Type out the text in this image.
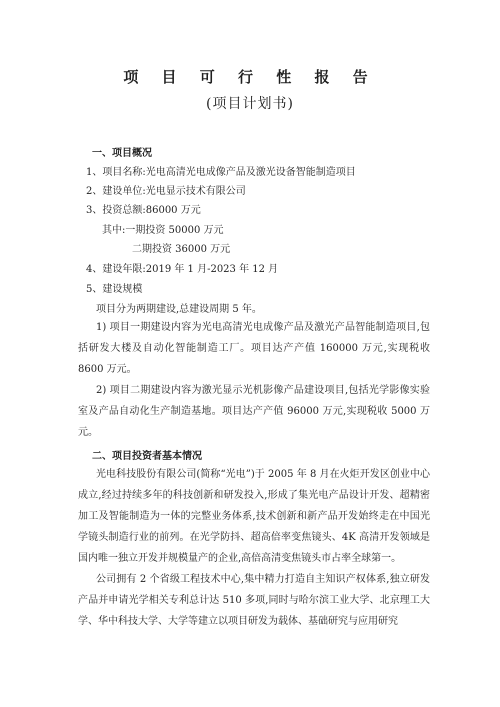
项 目 可 行 性 报 告
(项目计划书)
一、项目概况
1、项目名称:光电高清光电成像产品及激光设备智能制造项目
2、建设单位:光电显示技术有限公司
3、投资总额:86000 万元
其中:一期投资 50000 万元
二期投资 36000 万元
4、建设年限:2019 年 1 月-2023 年 12 月
5、建设规模
项目分为两期建设,总建设周期 5 年。
1) 项目一期建设内容为光电高清光电成像产品及激光产品智能制造项目,包括研发大楼及自动化智能制造工厂。项目达产产值 160000 万元,实现税收 8600 万元。
2) 项目二期建设内容为激光显示光机影像产品建设项目,包括光学影像实验室及产品自动化生产制造基地。项目达产产值 96000 万元,实现税收 5000 万元。
二、项目投资者基本情况
光电科技股份有限公司(简称“光电”)于 2005 年 8 月在火炬开发区创业中心成立,经过持续多年的科技创新和研发投入,形成了集光电产品设计开发、超精密加工及智能制造为一体的完整业务体系,技术创新和新产品开发始终走在中国光学镜头制造行业的前列。在光学防抖、超高倍率变焦镜头、4K 高清开发领域是国内唯一独立开发并规模量产的企业,高倍高清变焦镜头市占率全球第一。
公司拥有 2 个省级工程技术中心,集中精力打造自主知识产权体系,独立研发产品并申请光学相关专利总计达 510 多项,同时与哈尔滨工业大学、北京理工大学、华中科技大学、大学等建立以项目研发为载体、基础研究与应用研究
